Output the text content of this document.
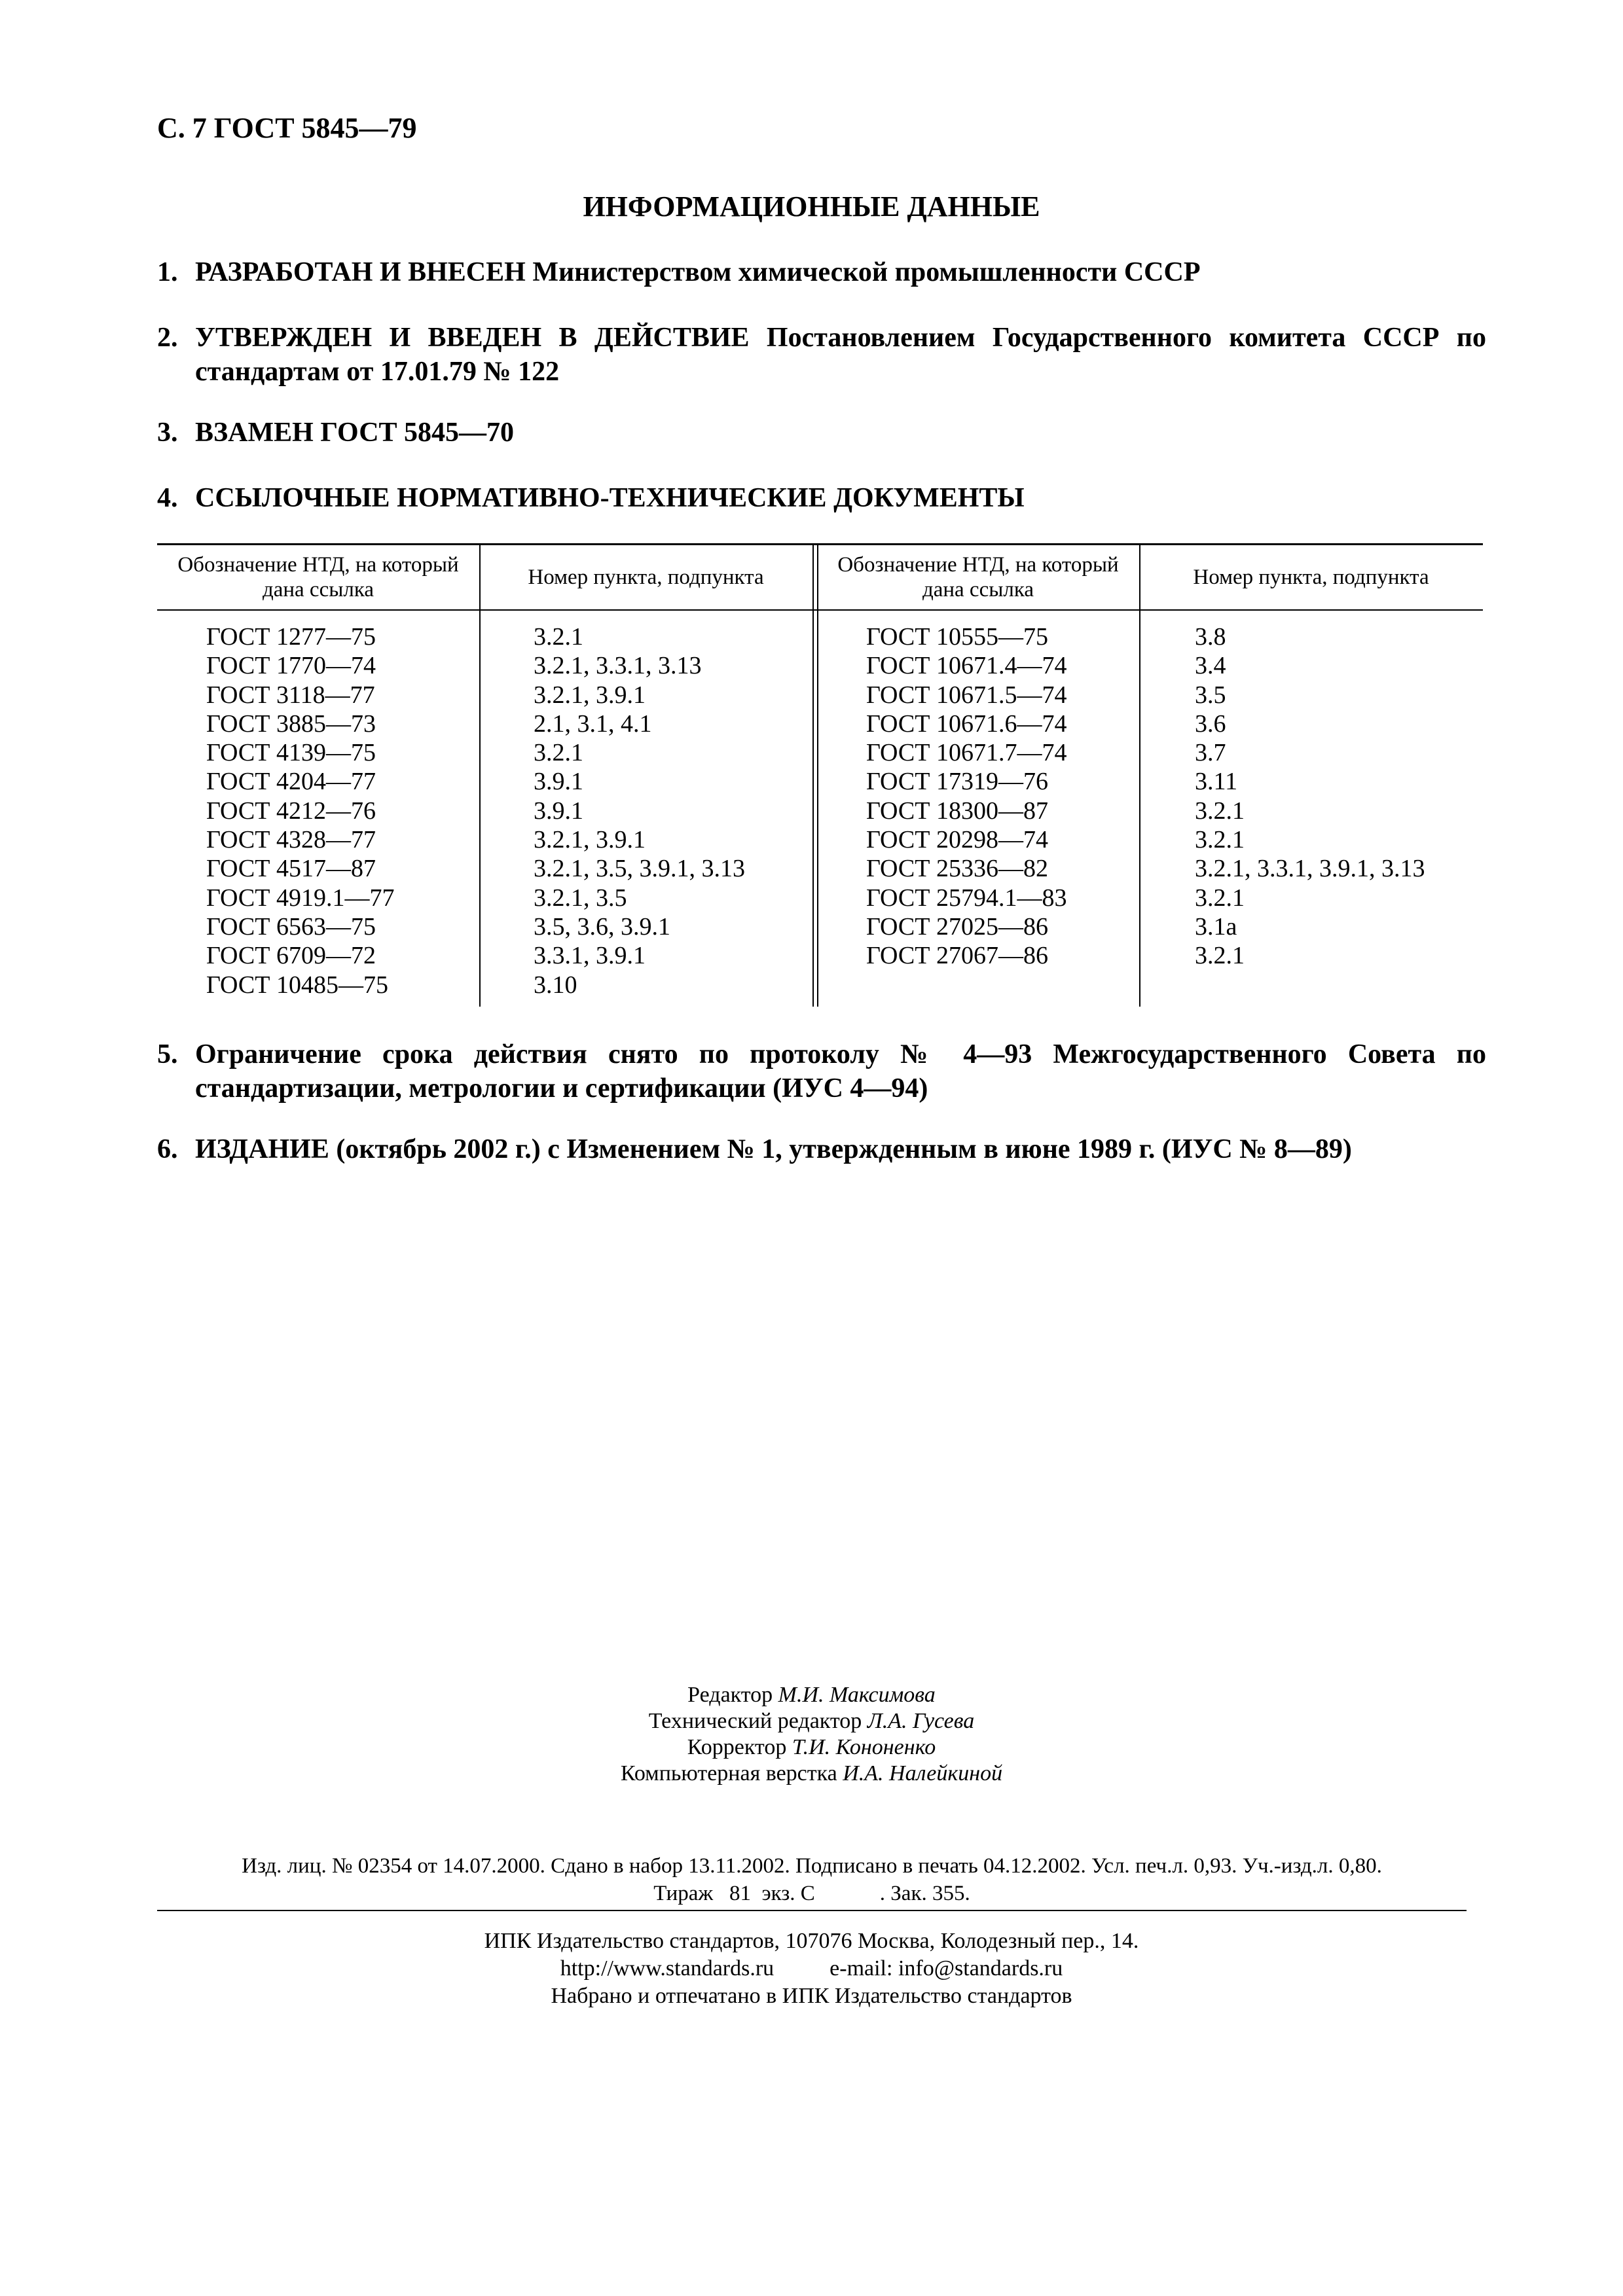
С. 7 ГОСТ 5845—79
ИНФОРМАЦИОННЫЕ ДАННЫЕ
1. РАЗРАБОТАН И ВНЕСЕН Министерством химической промышленности СССР
2. УТВЕРЖДЕН И ВВЕДЕН В ДЕЙСТВИЕ Постановлением Государственного комитета СССР по стандартам от 17.01.79 № 122
3. ВЗАМЕН ГОСТ 5845—70
4. ССЫЛОЧНЫЕ НОРМАТИВНО-ТЕХНИЧЕСКИЕ ДОКУМЕНТЫ
Обозначение НТД, на который дана ссылка
Номер пункта, подпункта
Обозначение НТД, на который дана ссылка
Номер пункта, подпункта
ГОСТ 1277—75
ГОСТ 1770—74
ГОСТ 3118—77
ГОСТ 3885—73
ГОСТ 4139—75
ГОСТ 4204—77
ГОСТ 4212—76
ГОСТ 4328—77
ГОСТ 4517—87
ГОСТ 4919.1—77
ГОСТ 6563—75
ГОСТ 6709—72
ГОСТ 10485—75
3.2.1
3.2.1, 3.3.1, 3.13
3.2.1, 3.9.1
2.1, 3.1, 4.1
3.2.1
3.9.1
3.9.1
3.2.1, 3.9.1
3.2.1, 3.5, 3.9.1, 3.13
3.2.1, 3.5
3.5, 3.6, 3.9.1
3.3.1, 3.9.1
3.10
ГОСТ 10555—75
ГОСТ 10671.4—74
ГОСТ 10671.5—74
ГОСТ 10671.6—74
ГОСТ 10671.7—74
ГОСТ 17319—76
ГОСТ 18300—87
ГОСТ 20298—74
ГОСТ 25336—82
ГОСТ 25794.1—83
ГОСТ 27025—86
ГОСТ 27067—86
3.8
3.4
3.5
3.6
3.7
3.11
3.2.1
3.2.1
3.2.1, 3.3.1, 3.9.1, 3.13
3.2.1
3.1а
3.2.1
5. Ограничение срока действия снято по протоколу № 4—93 Межгосударственного Совета по стандартизации, метрологии и сертификации (ИУС 4—94)
6. ИЗДАНИЕ (октябрь 2002 г.) с Изменением № 1, утвержденным в июне 1989 г. (ИУС № 8—89)
Редактор М.И. Максимова
Технический редактор Л.А. Гусева
Корректор Т.И. Кононенко
Компьютерная верстка И.А. Налейкиной
Изд. лиц. № 02354 от 14.07.2000. Сдано в набор 13.11.2002. Подписано в печать 04.12.2002. Усл. печ.л. 0,93. Уч.-изд.л. 0,80.
Тираж   81  экз. С            . Зак. 355.
ИПК Издательство стандартов, 107076 Москва, Колодезный пер., 14.
http://www.standards.ru          e-mail: info@standards.ru
Набрано и отпечатано в ИПК Издательство стандартов
